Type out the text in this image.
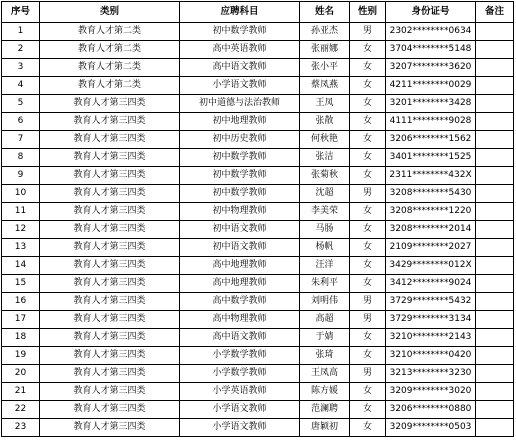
序号	类别	应聘科目	姓名	性别	身份证号	备注
1	教育人才第二类	初中数学教师	孙亚杰	男	2302********0634	
2	教育人才第二类	高中英语教师	张丽娜	女	3704********5148	
3	教育人才第二类	高中语文教师	张小平	女	3207********3620	
4	教育人才第二类	小学语文教师	蔡凤燕	女	4211********0029	
5	教育人才第三四类	初中道德与法治教师	王凤	女	3201********3428	
6	教育人才第三四类	初中地理教师	张散	女	4111********9028	
7	教育人才第三四类	初中历史教师	何秋艳	女	3206********1562	
8	教育人才第三四类	初中数学教师	张洁	女	3401********1525	
9	教育人才第三四类	初中数学教师	张菊秋	女	2311********432X	
10	教育人才第三四类	初中数学教师	沈超	男	3208********5430	
11	教育人才第三四类	初中物理教师	李美荣	女	3208********1220	
12	教育人才第三四类	初中语文教师	马肠	女	3208********2014	
13	教育人才第三四类	初中语文教师	杨帆	女	2109********2027	
14	教育人才第三四类	高中地理教师	汪洋	女	3429********012X	
15	教育人才第三四类	高中地理教师	朱利平	女	3412********9024	
16	教育人才第三四类	高中数学教师	刘明伟	男	3729********5432	
17	教育人才第三四类	高中物理教师	高超	男	3729********3134	
18	教育人才第三四类	高中语文教师	于婧	女	3210********2143	
19	教育人才第三四类	小学数学教师	张琦	女	3210********0420	
20	教育人才第三四类	小学数学教师	王凤高	男	3213********3230	
21	教育人才第三四类	小学英语教师	陈方媛	女	3209********3020	
22	教育人才第三四类	小学语文教师	范澜聘	女	3206********0880	
23	教育人才第三四类	小学语文教师	唐颖初	女	3209********0503	
